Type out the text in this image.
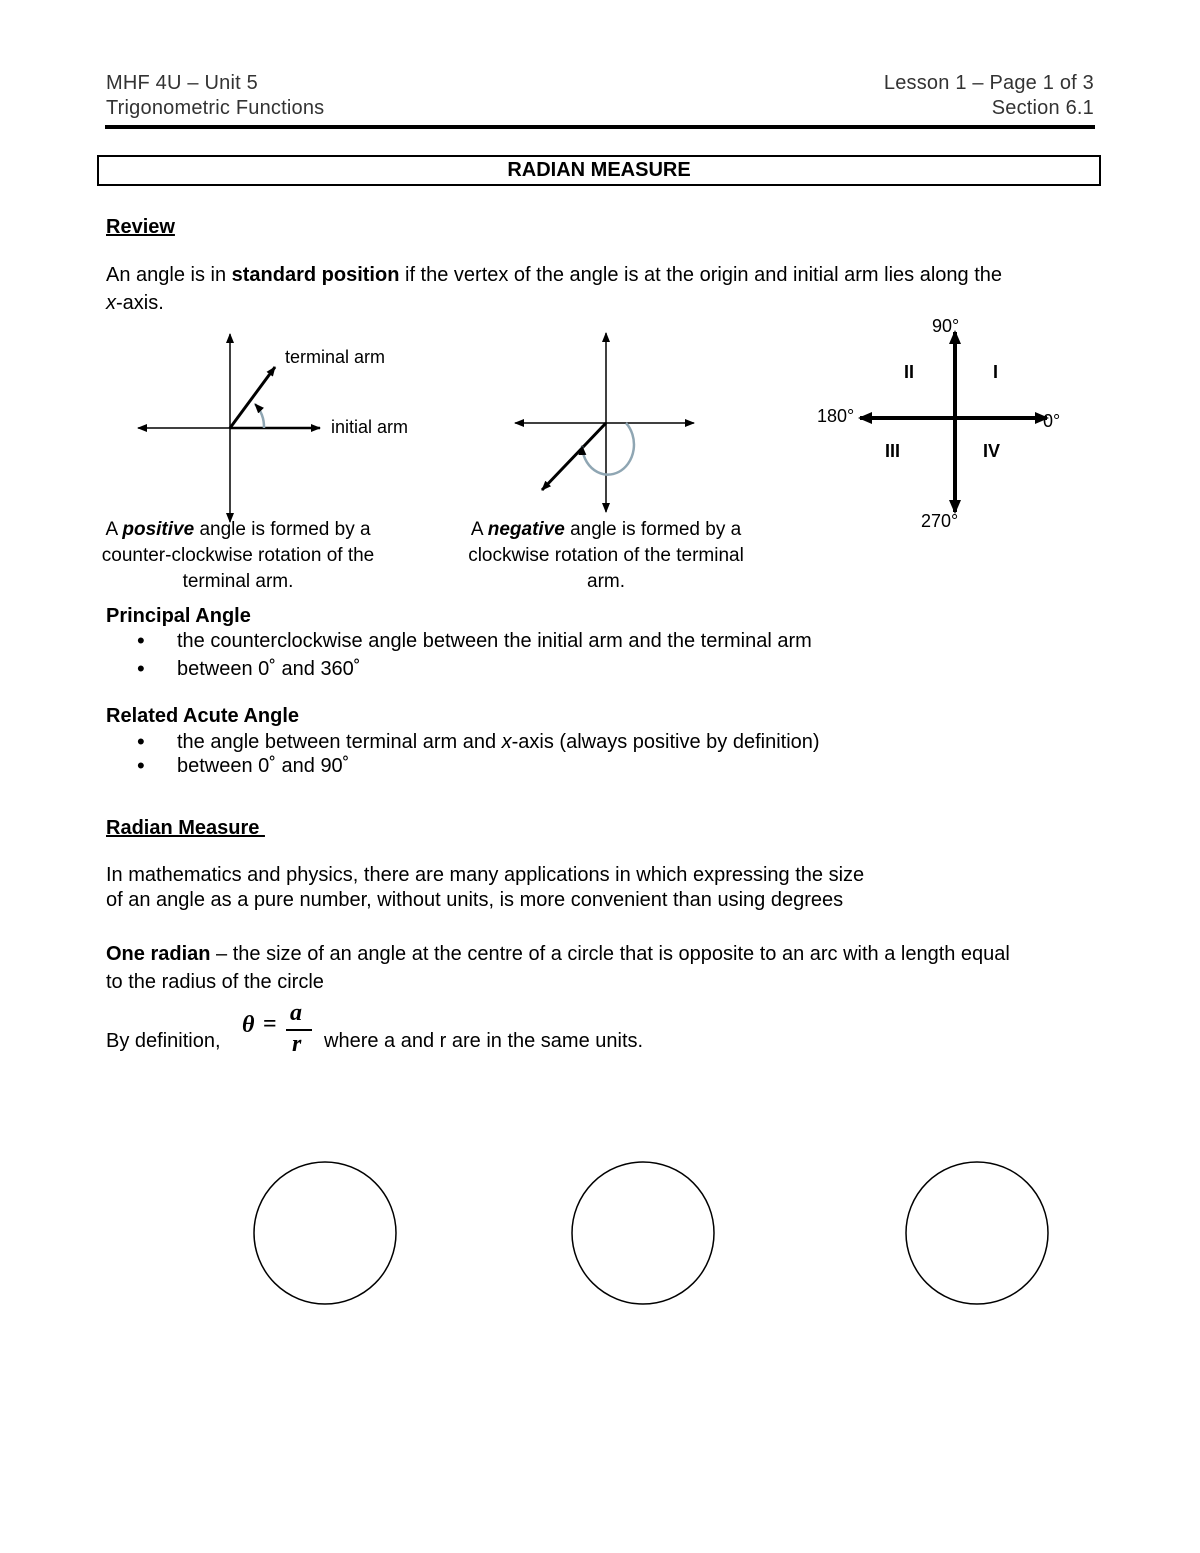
MHF 4U – Unit 5
Trigonometric Functions
Lesson 1 – Page 1 of 3
Section 6.1
RADIAN MEASURE
Review
An angle is in standard position if the vertex of the angle is at the origin and initial arm lies along the
x-axis.
terminal arm
initial arm
A positive angle is formed by a
counter-clockwise rotation of the
terminal arm.
A negative angle is formed by a
clockwise rotation of the terminal
arm.
90°
180°	0°
270°
I
II
III	IV
Principal Angle
• the counterclockwise angle between the initial arm and the terminal arm
• between 0˚ and 360˚
Related Acute Angle
• the angle between terminal arm and x-axis (always positive by definition)
• between 0˚ and 90˚
Radian Measure
In mathematics and physics, there are many applications in which expressing the size
of an angle as a pure number, without units, is more convenient than using degrees
One radian – the size of an angle at the centre of a circle that is opposite to an arc with a length equal
to the radius of the circle
By definition,
θ = a
r where a and r are in the same units.
